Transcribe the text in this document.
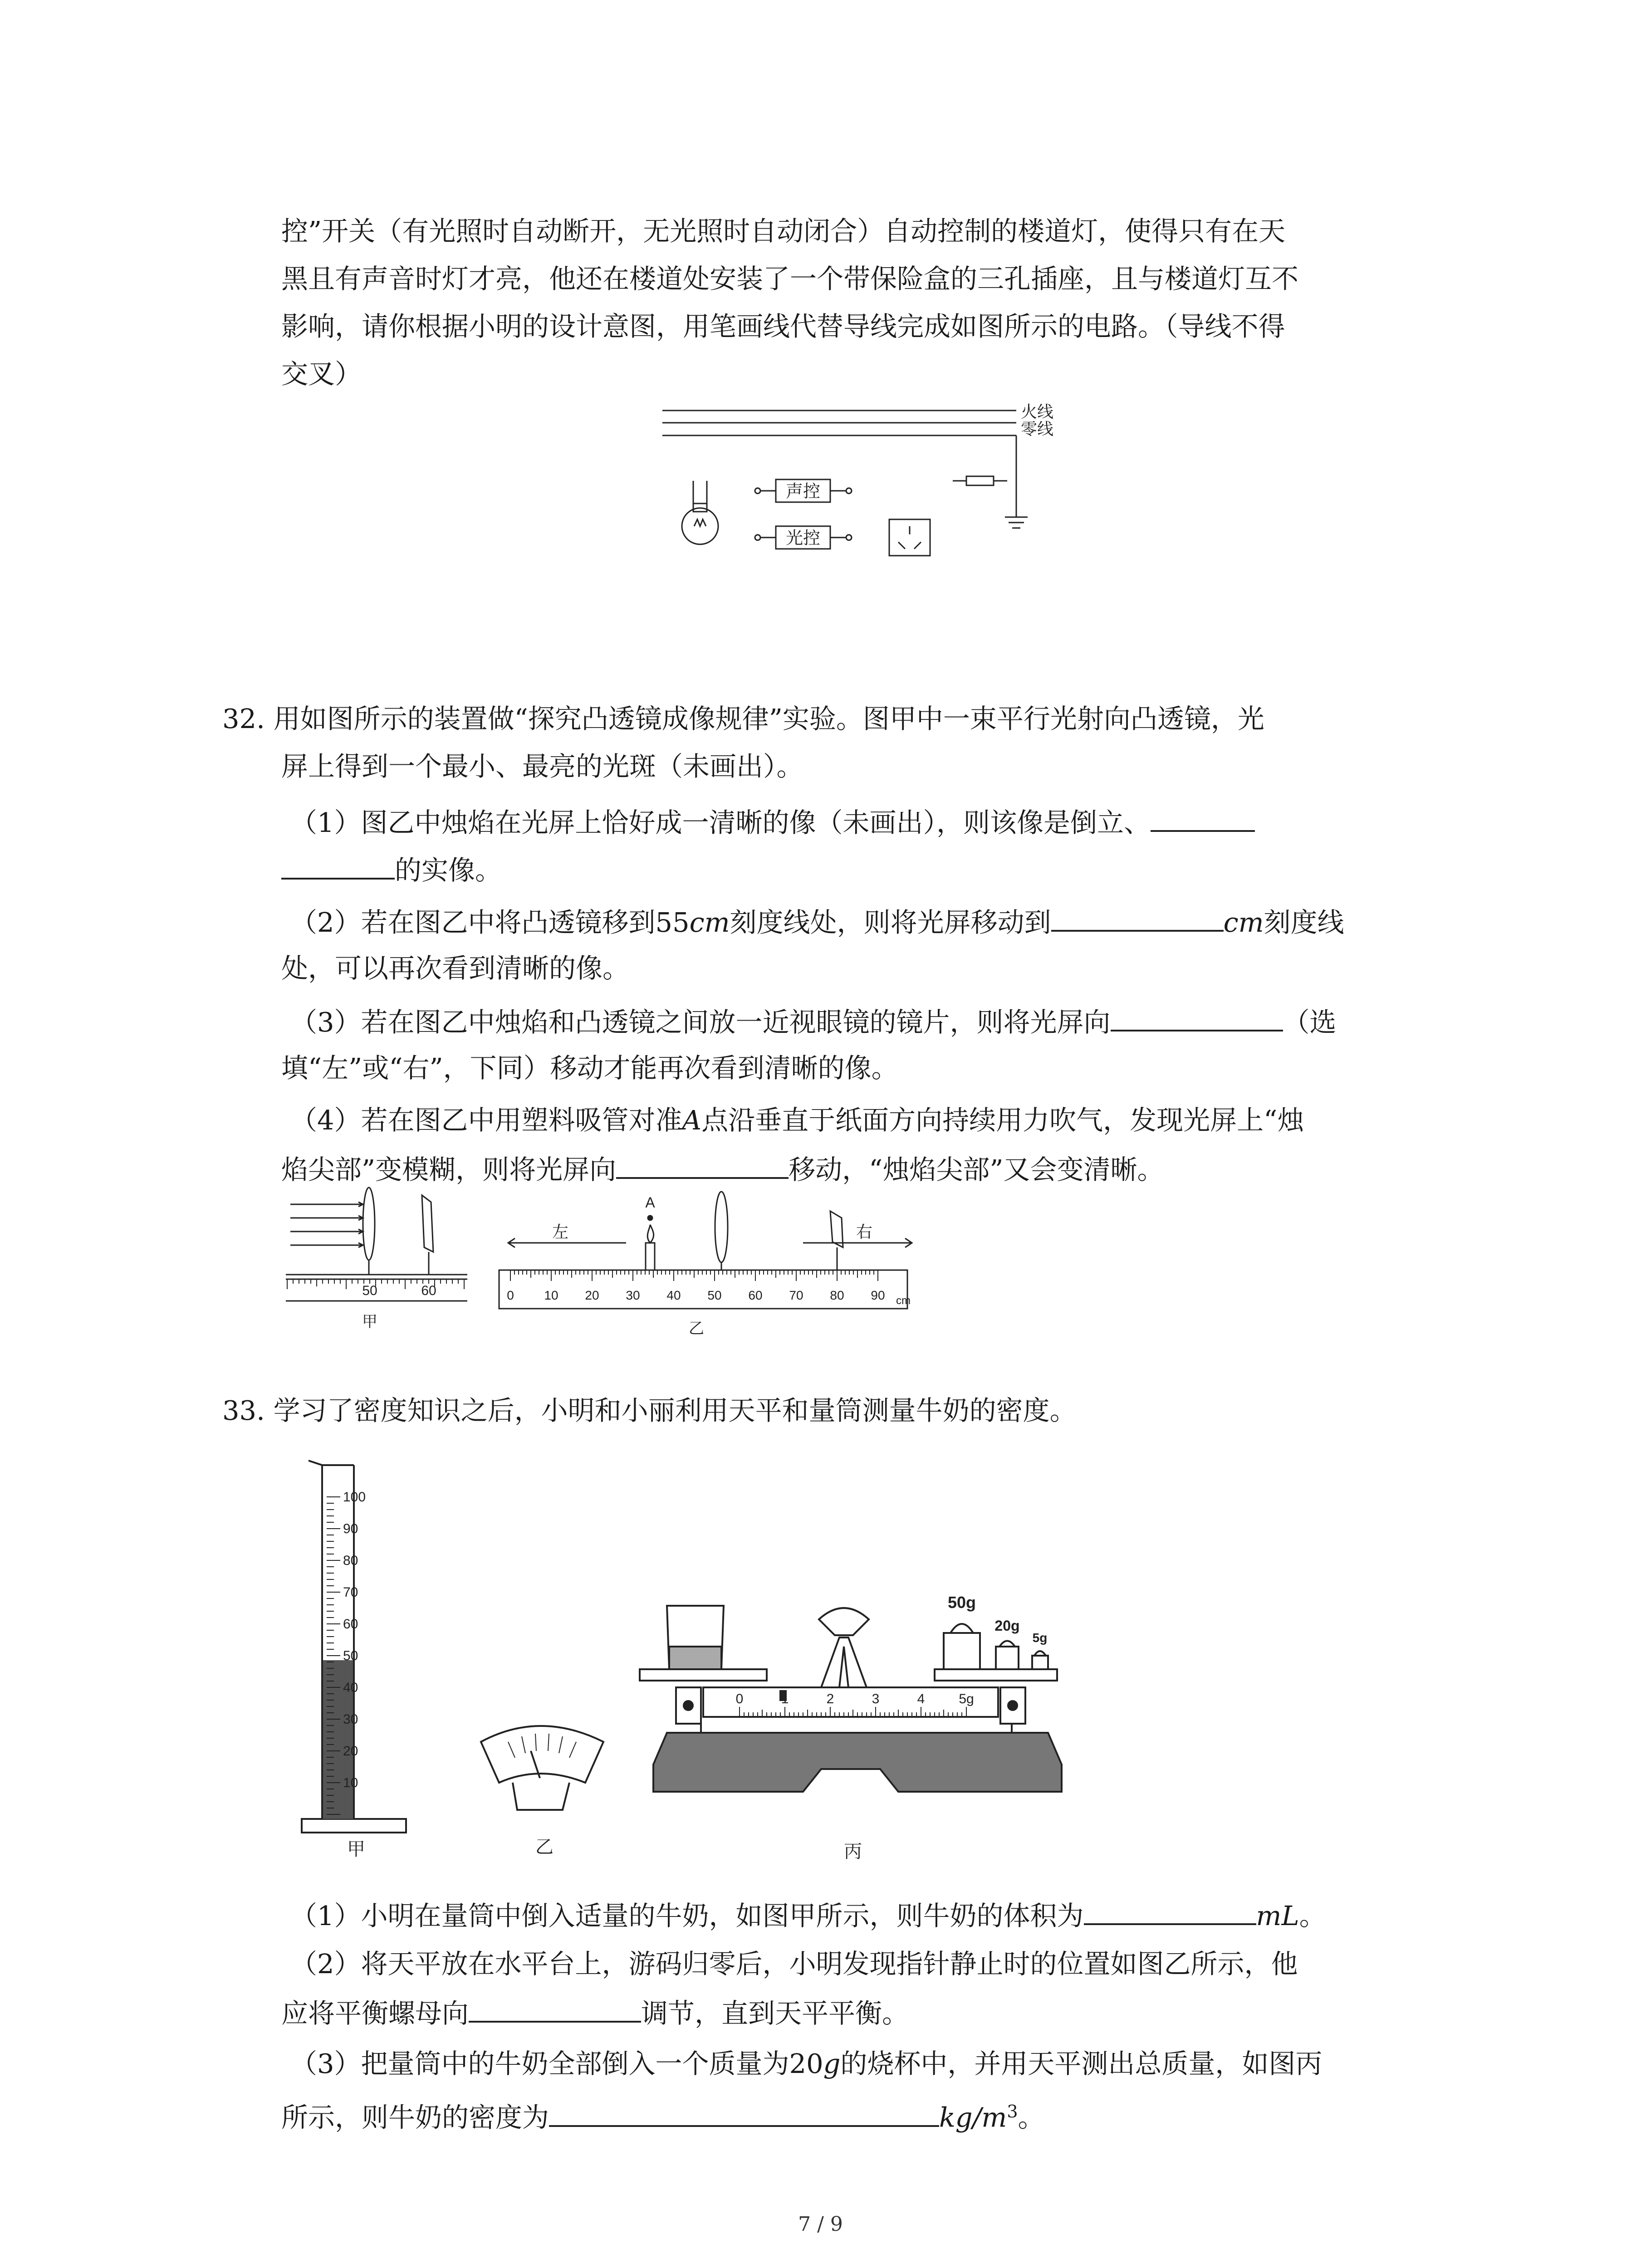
控”开关（有光照时自动断开，无光照时自动闭合）自动控制的楼道灯，使得只有在天
黑且有声音时灯才亮，他还在楼道处安装了一个带保险盒的三孔插座，且与楼道灯互不
影响，请你根据小明的设计意图，用笔画线代替导线完成如图所示的电路。（导线不得
交叉）
火线
零线
声控
光控
32. 用如图所示的装置做“探究凸透镜成像规律”实验。图甲中一束平行光射向凸透镜，光
屏上得到一个最小、最亮的光斑（未画出）。
（1）图乙中烛焰在光屏上恰好成一清晰的像（未画出），则该像是倒立、
的实像。
（2）若在图乙中将凸透镜移到55cm刻度线处，则将光屏移动到	cm刻度线
处，可以再次看到清晰的像。
（3）若在图乙中烛焰和凸透镜之间放一近视眼镜的镜片，则将光屏向	（选
填“左”或“右”，下同）移动才能再次看到清晰的像。
（4）若在图乙中用塑料吸管对准A点沿垂直于纸面方向持续用力吹气，发现光屏上“烛
焰尖部”变模糊，则将光屏向	移动，“烛焰尖部”又会变清晰。
50	60
甲
左	右
A
0 10 20 30 40 50 60 70 80 90 cm
乙
33. 学习了密度知识之后，小明和小丽利用天平和量筒测量牛奶的密度。
100
90
80
70
60
50
40
30
20
10
甲	乙
0	1	2	3	4 5g
50g
20g
5g
丙
（1）小明在量筒中倒入适量的牛奶，如图甲所示，则牛奶的体积为	mL。
（2）将天平放在水平台上，游码归零后，小明发现指针静止时的位置如图乙所示，他
应将平衡螺母向	调节，直到天平平衡。
（3）把量筒中的牛奶全部倒入一个质量为20g的烧杯中，并用天平测出总质量，如图丙
所示，则牛奶的密度为	$kg/m^3$。
7 / 9
